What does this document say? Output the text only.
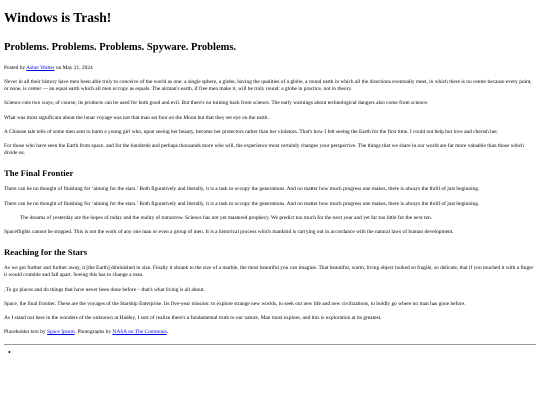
Windows is Trash!
Problems. Problems. Problems. Spyware. Problems.
Posted by Asher Walter on May 21, 2024

Never in all their history have men been able truly to conceive of the world as one: a single sphere, a globe, having the qualities of a globe, a round earth in which all the directions eventually meet, in which there is no center because every point, or none, is center — an equal earth which all men occupy as equals. The airman's earth, if free men make it, will be truly round: a globe in practice, not in theory.

Science cuts two ways, of course; its products can be used for both good and evil. But there's no turning back from science. The early warnings about technological dangers also come from science.

What was most significant about the lunar voyage was not that man set foot on the Moon but that they set eye on the earth.

A Chinese tale tells of some men sent to harm a young girl who, upon seeing her beauty, become her protectors rather than her violators. That's how I felt seeing the Earth for the first time. I could not help but love and cherish her.

For those who have seen the Earth from space, and for the hundreds and perhaps thousands more who will, the experience most certainly changes your perspective. The things that we share in our world are far more valuable than those which divide us.

The Final Frontier

There can be no thought of finishing for ‘aiming for the stars.’ Both figuratively and literally, it is a task to occupy the generations. And no matter how much progress one makes, there is always the thrill of just beginning.

There can be no thought of finishing for ‘aiming for the stars.’ Both figuratively and literally, it is a task to occupy the generations. And no matter how much progress one makes, there is always the thrill of just beginning.

The dreams of yesterday are the hopes of today and the reality of tomorrow. Science has not yet mastered prophecy. We predict too much for the next year and yet far too little for the next ten.

Spaceflights cannot be stopped. This is not the work of any one man or even a group of men. It is a historical process which mankind is carrying out in accordance with the natural laws of human development.

Reaching for the Stars

As we got further and further away, it [the Earth] diminished in size. Finally it shrank to the size of a marble, the most beautiful you can imagine. That beautiful, warm, living object looked so fragile, so delicate, that if you touched it with a finger it would crumble and fall apart. Seeing this has to change a man.

‚To go places and do things that have never been done before – that's what living is all about.

Space, the final frontier. These are the voyages of the Starship Enterprise. Its five-year mission: to explore strange new worlds, to seek out new life and new civilizations, to boldly go where no man has gone before.

As I stand out here in the wonders of the unknown at Hadley, I sort of realize there's a fundamental truth to our nature, Man must explore, and this is exploration at its greatest.

Placeholder text by Space Ipsum. Photographs by NASA on The Commons.

•
